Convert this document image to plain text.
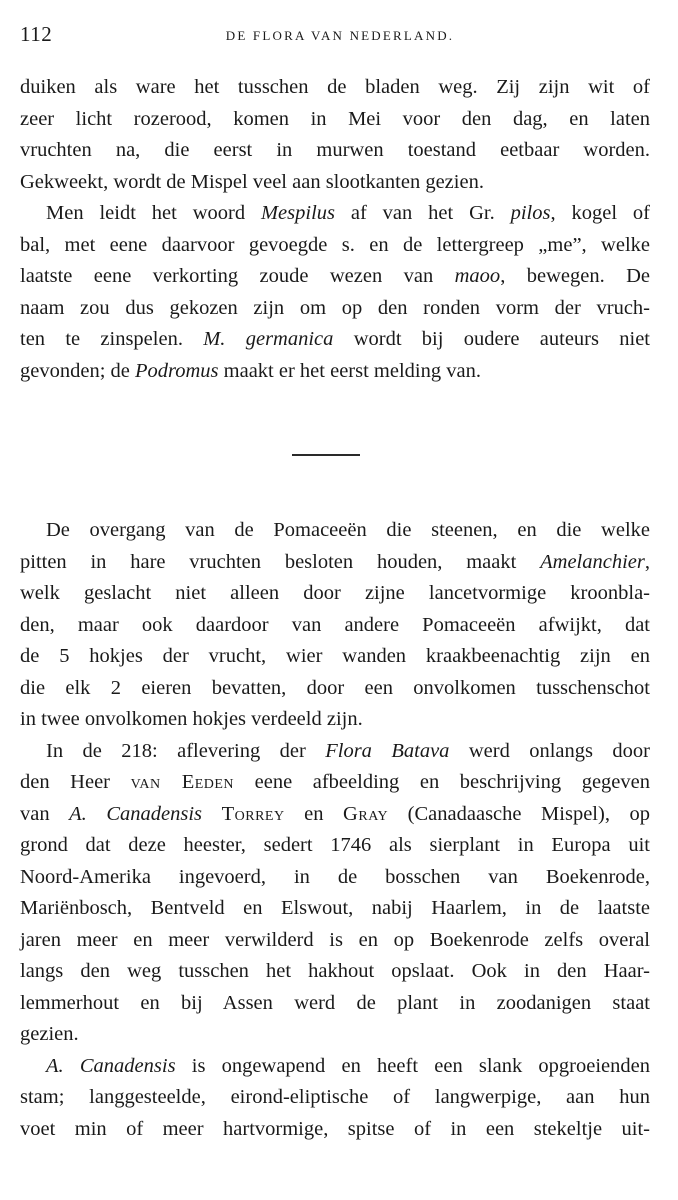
112	DE FLORA VAN NEDERLAND.
duiken als ware het tusschen de bladen weg. Zij zijn wit of
zeer licht rozerood, komen in Mei voor den dag, en laten
vruchten na, die eerst in murwen toestand eetbaar worden.
Gekweekt, wordt de Mispel veel aan slootkanten gezien.
Men leidt het woord Mespilus af van het Gr. pilos, kogel of
bal, met eene daarvoor gevoegde s. en de lettergreep „me”, welke
laatste eene verkorting zoude wezen van maoo, bewegen. De
naam zou dus gekozen zijn om op den ronden vorm der vruch-
ten te zinspelen. M. germanica wordt bij oudere auteurs niet
gevonden; de Podromus maakt er het eerst melding van.
De overgang van de Pomaceeën die steenen, en die welke
pitten in hare vruchten besloten houden, maakt Amelanchier,
welk geslacht niet alleen door zijne lancetvormige kroonbla-
den, maar ook daardoor van andere Pomaceeën afwijkt, dat
de 5 hokjes der vrucht, wier wanden kraakbeenachtig zijn en
die elk 2 eieren bevatten, door een onvolkomen tusschenschot
in twee onvolkomen hokjes verdeeld zijn.
In de 218: aflevering der Flora Batava werd onlangs door
den Heer van Eeden eene afbeelding en beschrijving gegeven
van A. Canadensis Torrey en Gray (Canadaasche Mispel), op
grond dat deze heester, sedert 1746 als sierplant in Europa uit
Noord-Amerika ingevoerd, in de bosschen van Boekenrode,
Mariënbosch, Bentveld en Elswout, nabij Haarlem, in de laatste
jaren meer en meer verwilderd is en op Boekenrode zelfs overal
langs den weg tusschen het hakhout opslaat. Ook in den Haar-
lemmerhout en bij Assen werd de plant in zoodanigen staat
gezien.
A. Canadensis is ongewapend en heeft een slank opgroeienden
stam; langgesteelde, eirond-eliptische of langwerpige, aan hun
voet min of meer hartvormige, spitse of in een stekeltje uit-
